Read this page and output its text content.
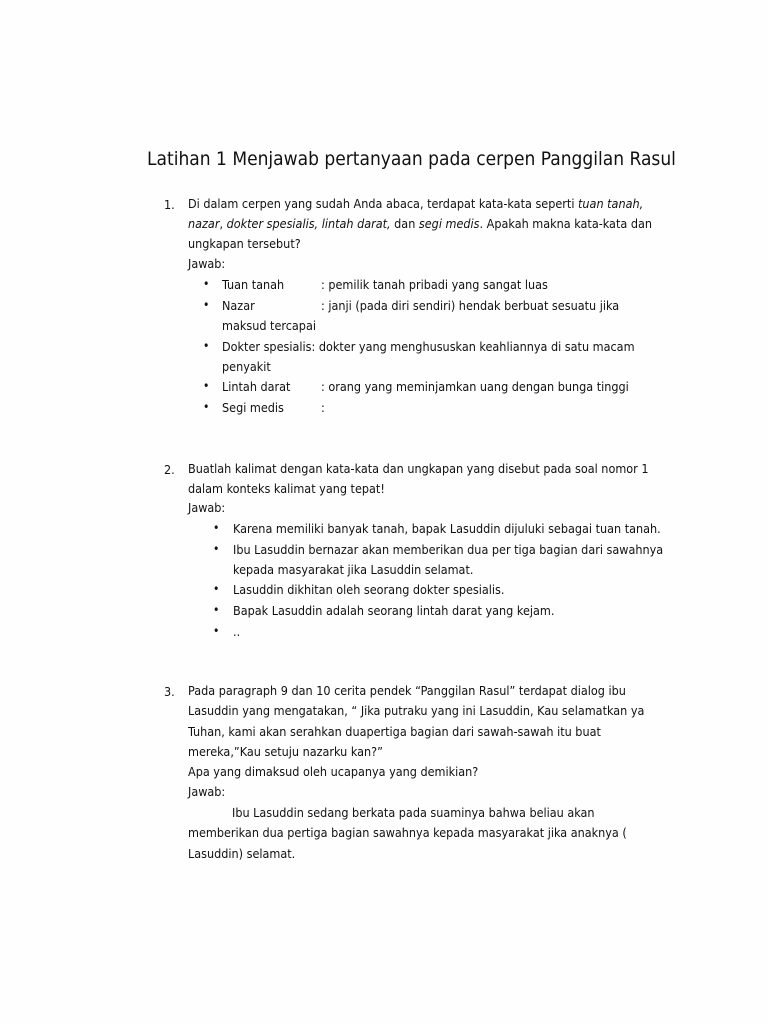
Latihan 1 Menjawab pertanyaan pada cerpen Panggilan Rasul
1. Di dalam cerpen yang sudah Anda abaca, terdapat kata-kata seperti tuan tanah,
nazar, dokter spesialis, lintah darat, dan segi medis. Apakah makna kata-kata dan
ungkapan tersebut?
Jawab:
• Tuan tanah	: pemilik tanah pribadi yang sangat luas
• Nazar	: janji (pada diri sendiri) hendak berbuat sesuatu jika
maksud tercapai
• Dokter spesialis: dokter yang menghususkan keahliannya di satu macam
penyakit
• Lintah darat : orang yang meminjamkan uang dengan bunga tinggi
• Segi medis	:
2. Buatlah kalimat dengan kata-kata dan ungkapan yang disebut pada soal nomor 1
dalam konteks kalimat yang tepat!
Jawab:
• Karena memiliki banyak tanah, bapak Lasuddin dijuluki sebagai tuan tanah.
• Ibu Lasuddin bernazar akan memberikan dua per tiga bagian dari sawahnya
kepada masyarakat jika Lasuddin selamat.
• Lasuddin dikhitan oleh seorang dokter spesialis.
• Bapak Lasuddin adalah seorang lintah darat yang kejam.
• ..
3. Pada paragraph 9 dan 10 cerita pendek “Panggilan Rasul” terdapat dialog ibu
Lasuddin yang mengatakan, “ Jika putraku yang ini Lasuddin, Kau selamatkan ya
Tuhan, kami akan serahkan duapertiga bagian dari sawah-sawah itu buat
mereka,”Kau setuju nazarku kan?”
Apa yang dimaksud oleh ucapanya yang demikian?
Jawab:
Ibu Lasuddin sedang berkata pada suaminya bahwa beliau akan
memberikan dua pertiga bagian sawahnya kepada masyarakat jika anaknya (
Lasuddin) selamat.
